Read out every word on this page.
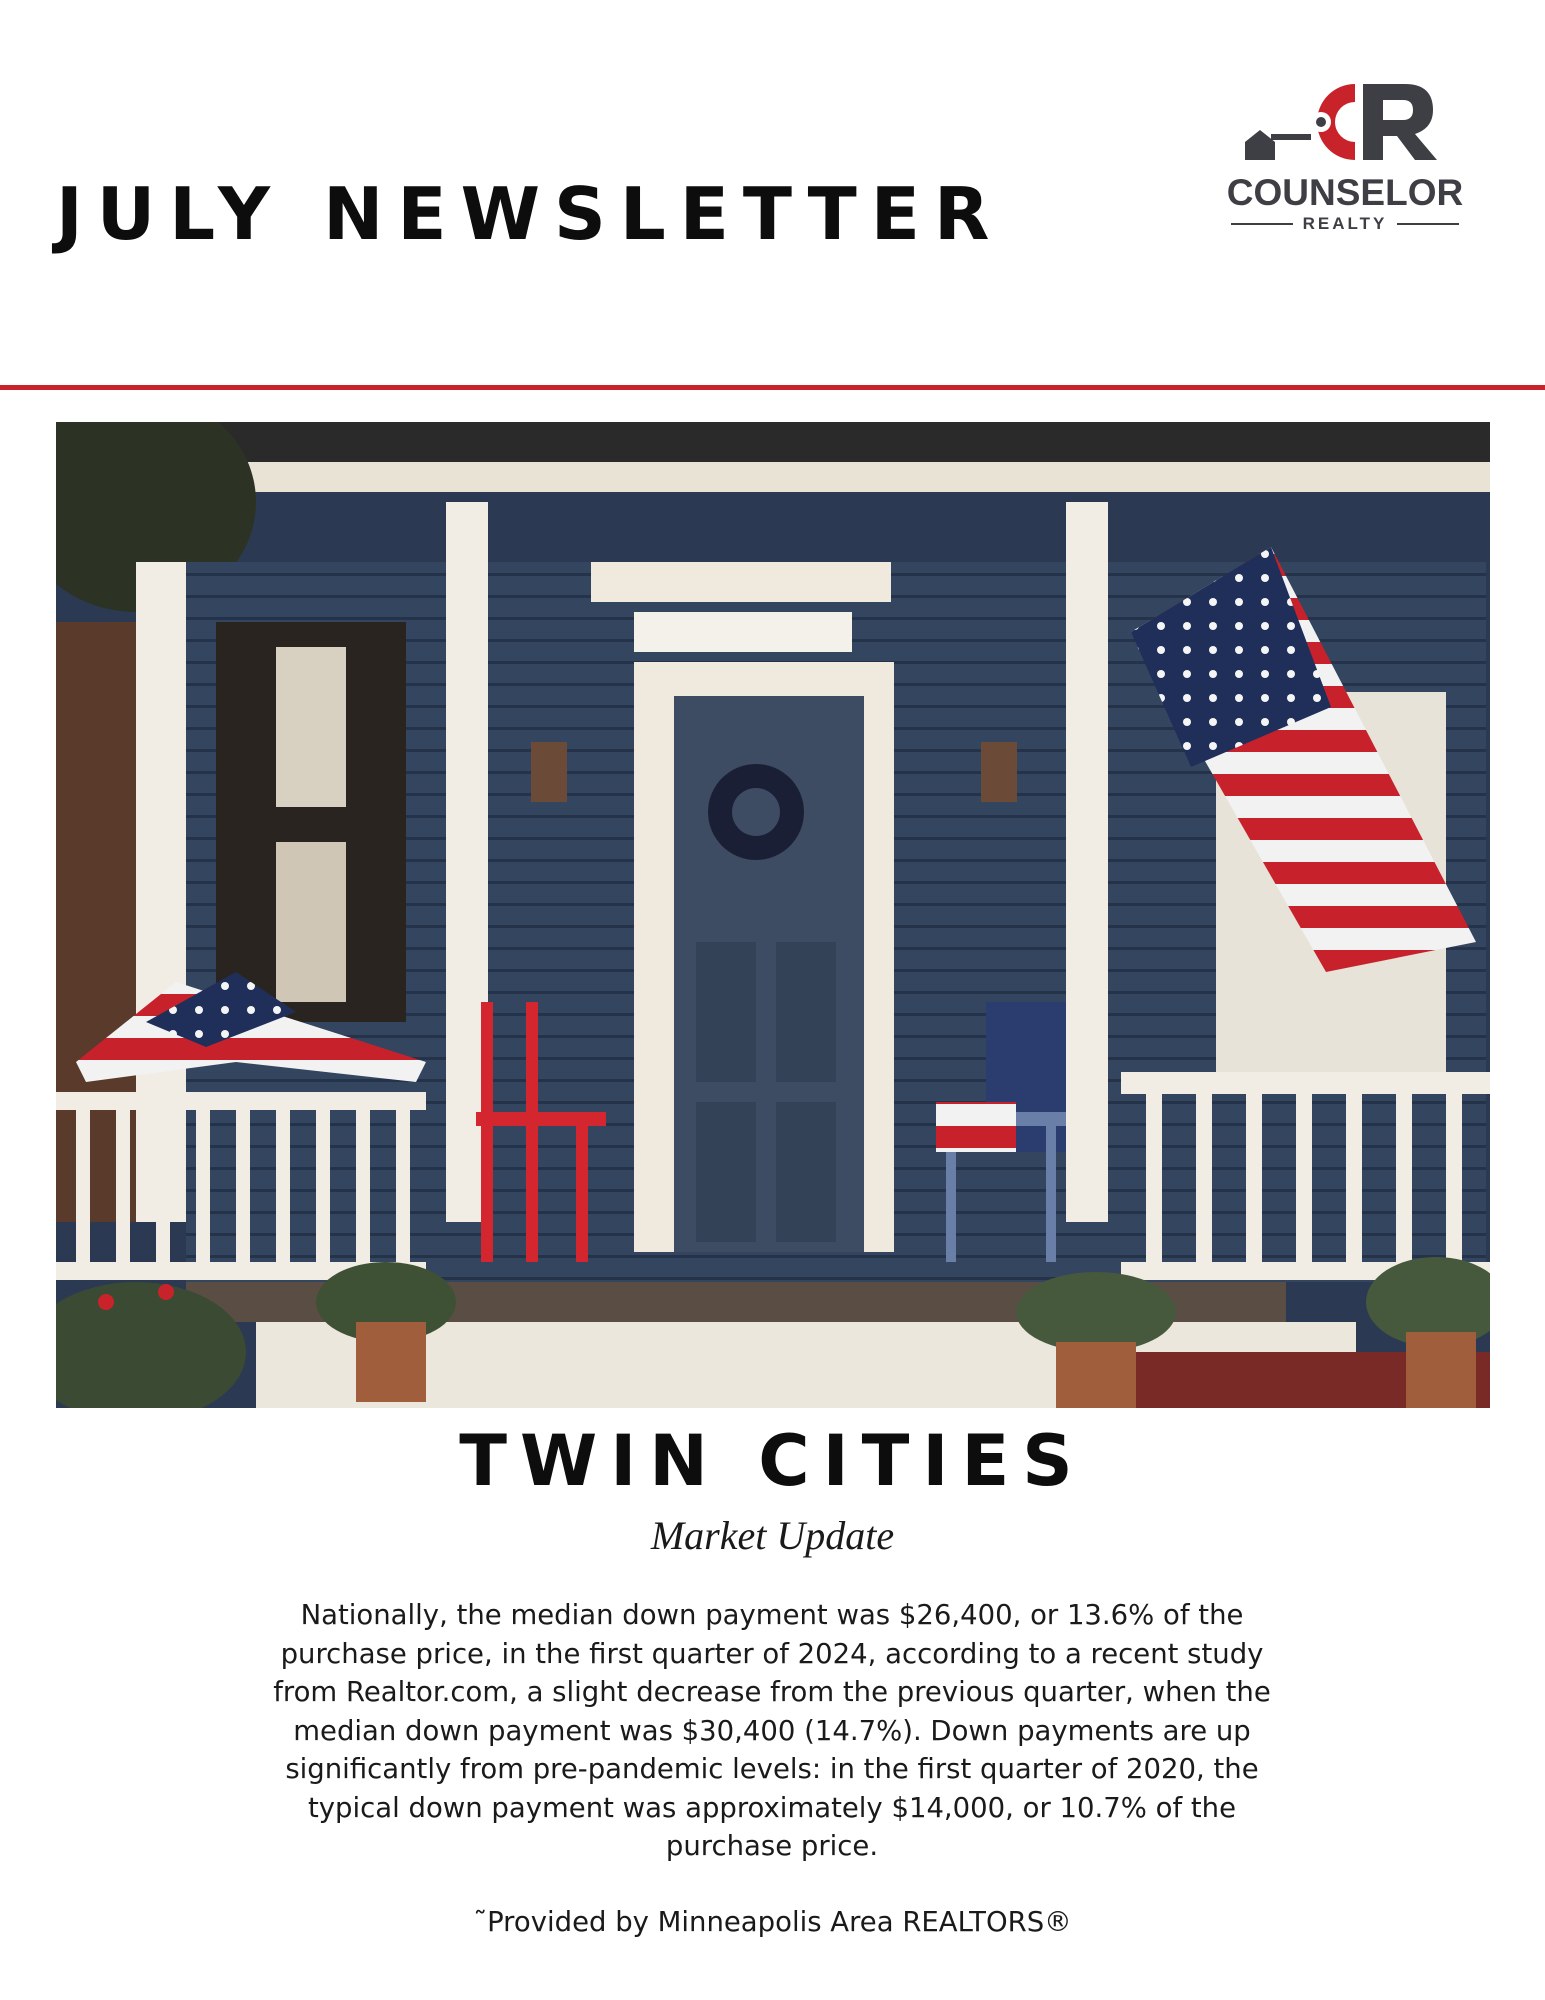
JULY NEWSLETTER	COUNSELOR
REALTY
TWIN CITIES
Market Update
Nationally, the median down payment was $26,400, or 13.6% of the purchase price, in the first quarter of 2024, according to a recent study from Realtor.com, a slight decrease from the previous quarter, when the median down payment was $30,400 (14.7%). Down payments are up significantly from pre-pandemic levels: in the first quarter of 2020, the typical down payment was approximately $14,000, or 10.7% of the purchase price.
˜Provided by Minneapolis Area REALTORS®
